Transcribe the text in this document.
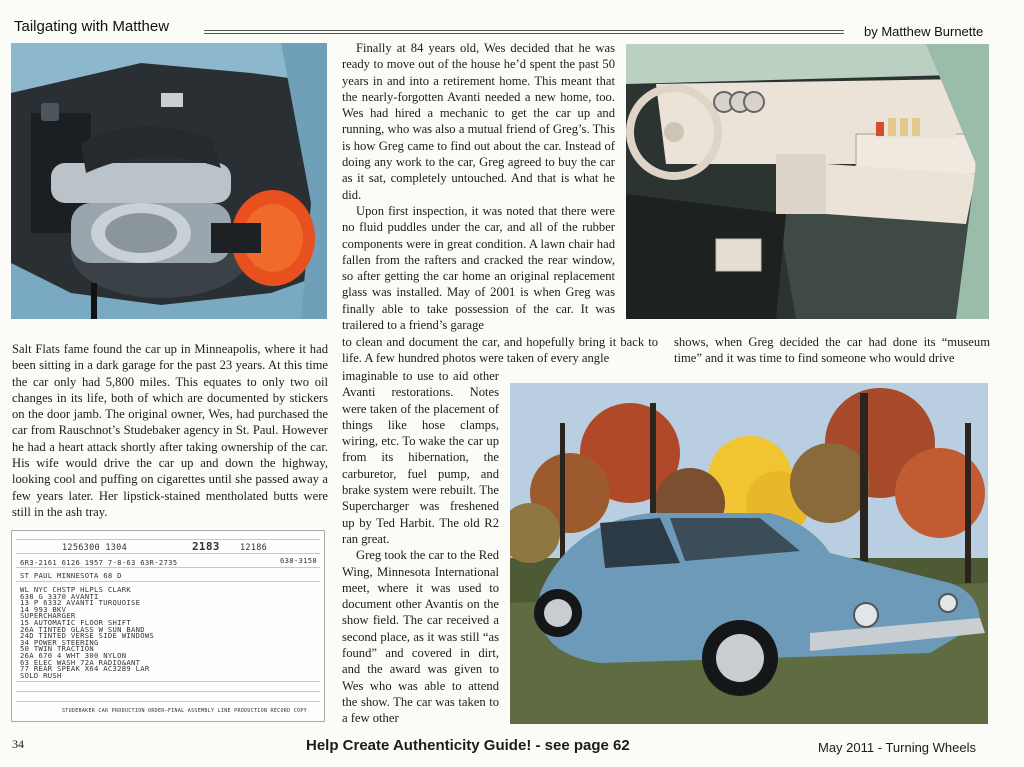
Tailgating with Matthew	by Matthew Burnette

Salt Flats fame found the car up in Minneapolis, where it had been sitting in a dark garage for the past 23 years. At this time the car only had 5,800 miles. This equates to only two oil changes in its life, both of which are documented by stickers on the door jamb. The original owner, Wes, had purchased the car from Rauschnot’s Studebaker agency in St. Paul. However he had a heart attack shortly after taking ownership of the car. His wife would drive the car up and down the highway, looking cool and puffing on cigarettes until she passed away a few years later. Her lipstick-stained mentholated butts were still in the ash tray.

Finally at 84 years old, Wes decided that he was ready to move out of the house he’d spent the past 50 years in and into a retirement home. This meant that the nearly-forgotten Avanti needed a new home, too. Wes had hired a mechanic to get the car up and running, who was also a mutual friend of Greg’s. This is how Greg came to find out about the car. Instead of doing any work to the car, Greg agreed to buy the car as it sat, completely untouched. And that is what he did.

Upon first inspection, it was noted that there were no fluid puddles under the car, and all of the rubber components were in great condition. A lawn chair had fallen from the rafters and cracked the rear window, so after getting the car home an original replacement glass was installed. May of 2001 is when Greg was finally able to take possession of the car. It was trailered to a friend’s garage

to clean and document the car, and hopefully bring it back to life. A few hundred photos were taken of every angle

imaginable to use to aid other Avanti restorations. Notes were taken of the placement of things like hose clamps, wiring, etc. To wake the car up from its hibernation, the carburetor, fuel pump, and brake system were rebuilt. The Supercharger was freshened up by Ted Harbit. The old R2 ran great.

Greg took the car to the Red Wing, Minnesota International meet, where it was used to document other Avantis on the show field. The car received a second place, as it was still “as found” and covered in dirt, and the award was given to Wes who was able to attend the show. The car was taken to a few other

shows, when Greg decided the car had done its “museum time” and it was time to find someone who would drive

1256300 1304	2183 12186
638-3158
6R3-2161 6126 1957 7-8-63 63R-2735
ST PAUL MINNESOTA 68 D
WL NYC CHSTP HLPLS CLARK
638 G 3370 AVANTI
13 P 6332 AVANTI TURQUOISE
14 993 BKV
SUPERCHARGER
15 AUTOMATIC FLOOR SHIFT
26A TINTED GLASS W SUN BAND
24D TINTED VERSE SIDE WINDOWS
34 POWER STEERING
50 TWIN TRACTION
26A 670 4 WHT 300 NYLON
63 ELEC WASH 72A RADIO&ANT
77 REAR SPEAK X64 AC3289 LAR
SOLD RUSH
STUDEBAKER CAR PRODUCTION ORDER—FINAL ASSEMBLY LINE PRODUCTION RECORD COPY
34	Help Create Authenticity Guide! - see page 62	May 2011 - Turning Wheels
